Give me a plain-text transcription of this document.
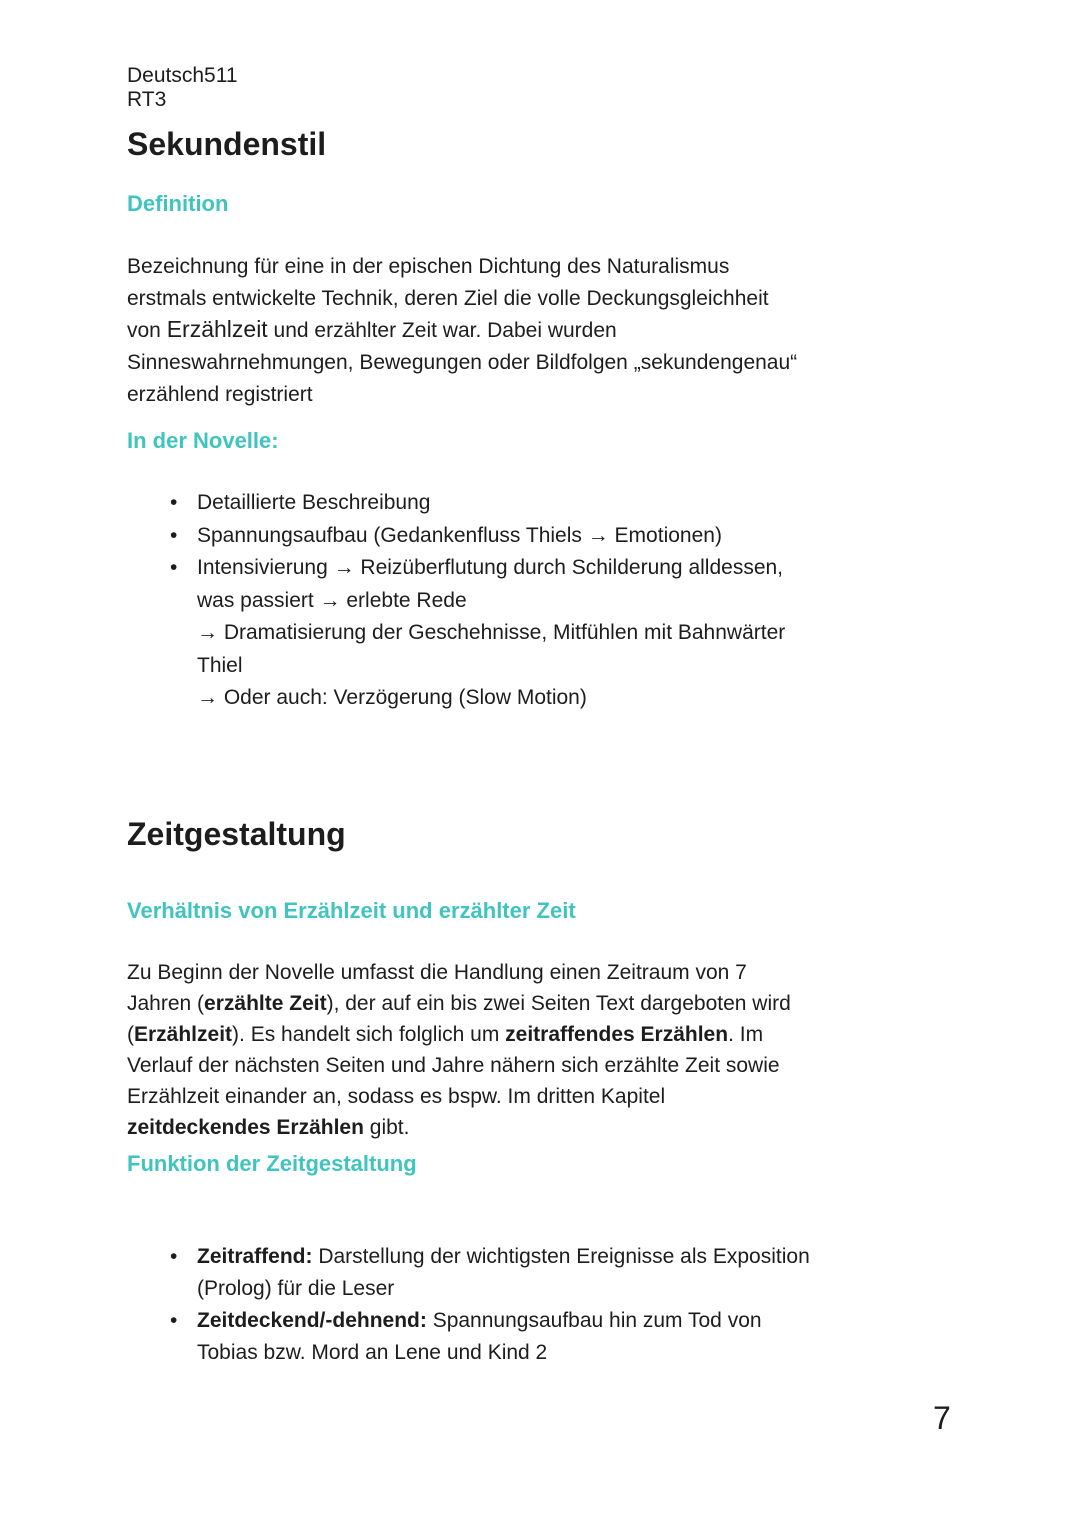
Deutsch511
RT3
Sekundenstil
Definition
Bezeichnung für eine in der epischen Dichtung des Naturalismus
erstmals entwickelte Technik, deren Ziel die volle Deckungsgleichheit
von Erzählzeit und erzählter Zeit war. Dabei wurden
Sinneswahrnehmungen, Bewegungen oder Bildfolgen „sekundengenau“
erzählend registriert
In der Novelle:
• Detaillierte Beschreibung
• Spannungsaufbau (Gedankenfluss Thiels → Emotionen)
• Intensivierung → Reizüberflutung durch Schilderung alldessen,
was passiert → erlebte Rede
→ Dramatisierung der Geschehnisse, Mitfühlen mit Bahnwärter
Thiel
→ Oder auch: Verzögerung (Slow Motion)
Zeitgestaltung
Verhältnis von Erzählzeit und erzählter Zeit
Zu Beginn der Novelle umfasst die Handlung einen Zeitraum von 7
Jahren (erzählte Zeit), der auf ein bis zwei Seiten Text dargeboten wird
(Erzählzeit). Es handelt sich folglich um zeitraffendes Erzählen. Im
Verlauf der nächsten Seiten und Jahre nähern sich erzählte Zeit sowie
Erzählzeit einander an, sodass es bspw. Im dritten Kapitel
zeitdeckendes Erzählen gibt.
Funktion der Zeitgestaltung
• Zeitraffend: Darstellung der wichtigsten Ereignisse als Exposition
(Prolog) für die Leser
• Zeitdeckend/-dehnend: Spannungsaufbau hin zum Tod von
Tobias bzw. Mord an Lene und Kind 2
7
